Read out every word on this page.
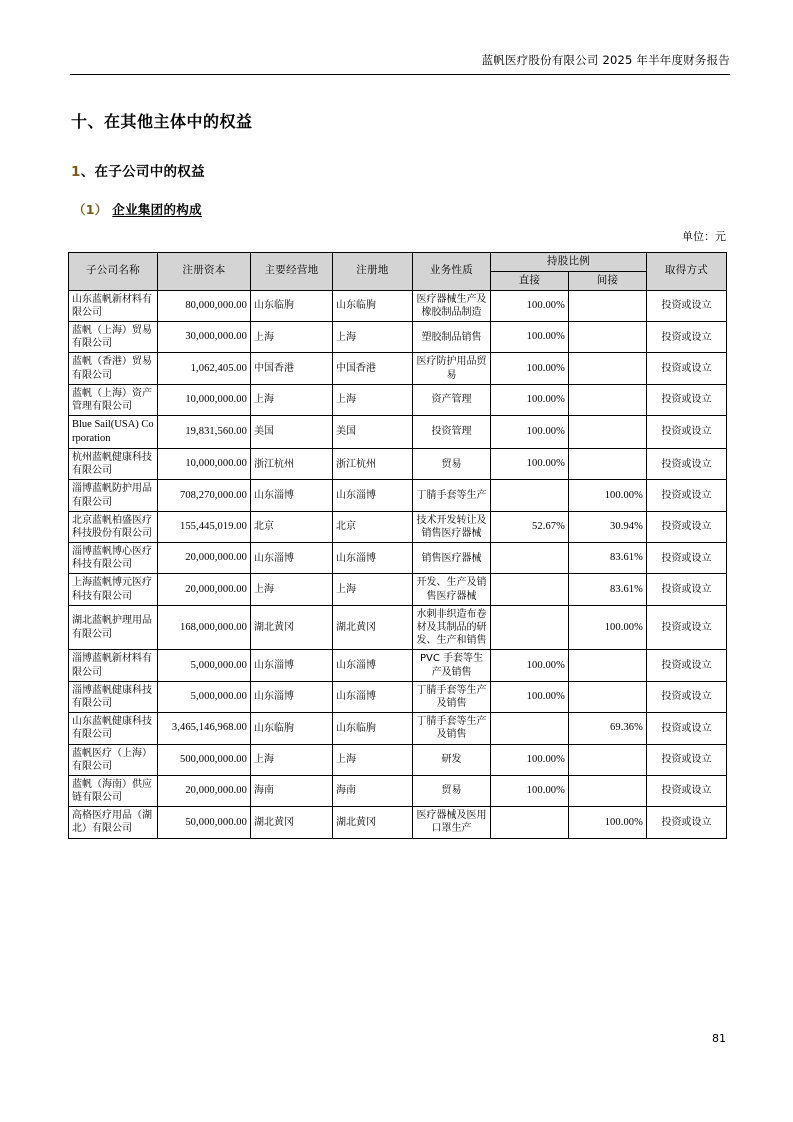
蓝帆医疗股份有限公司 2025 年半年度财务报告
十、在其他主体中的权益
1、在子公司中的权益
（1） 企业集团的构成
单位：元
子公司名称	注册资本	主要经营地	注册地	业务性质	持股比例		取得方式
					直接	间接	
山东蓝帆新材料有限公司	80,000,000.00	山东临朐	山东临朐	医疗器械生产及橡胶制品制造	100.00%		投资或设立
蓝帆（上海）贸易有限公司	30,000,000.00	上海	上海	塑胶制品销售	100.00%		投资或设立
蓝帆（香港）贸易有限公司	1,062,405.00	中国香港	中国香港	医疗防护用品贸易	100.00%		投资或设立
蓝帆（上海）资产管理有限公司	10,000,000.00	上海	上海	资产管理	100.00%		投资或设立
Blue Sail(USA) Corporation	19,831,560.00	美国	美国	投资管理	100.00%		投资或设立
杭州蓝帆健康科技有限公司	10,000,000.00	浙江杭州	浙江杭州	贸易	100.00%		投资或设立
淄博蓝帆防护用品有限公司	708,270,000.00	山东淄博	山东淄博	丁腈手套等生产		100.00%	投资或设立
北京蓝帆柏盛医疗科技股份有限公司	155,445,019.00	北京	北京	技术开发转让及销售医疗器械	52.67%	30.94%	投资或设立
淄博蓝帆博心医疗科技有限公司	20,000,000.00	山东淄博	山东淄博	销售医疗器械		83.61%	投资或设立
上海蓝帆博元医疗科技有限公司	20,000,000.00	上海	上海	开发、生产及销售医疗器械		83.61%	投资或设立
湖北蓝帆护理用品有限公司	168,000,000.00	湖北黄冈	湖北黄冈	水刺非织造布卷材及其制品的研发、生产和销售		100.00%	投资或设立
淄博蓝帆新材料有限公司	5,000,000.00	山东淄博	山东淄博	PVC 手套等生产及销售	100.00%		投资或设立
淄博蓝帆健康科技有限公司	5,000,000.00	山东淄博	山东淄博	丁腈手套等生产及销售	100.00%		投资或设立
山东蓝帆健康科技有限公司	3,465,146,968.00	山东临朐	山东临朐	丁腈手套等生产及销售		69.36%	投资或设立
蓝帆医疗（上海）有限公司	500,000,000.00	上海	上海	研发	100.00%		投资或设立
蓝帆（海南）供应链有限公司	20,000,000.00	海南	海南	贸易	100.00%		投资或设立
高格医疗用品（湖北）有限公司	50,000,000.00	湖北黄冈	湖北黄冈	医疗器械及医用口罩生产		100.00%	投资或设立
81
